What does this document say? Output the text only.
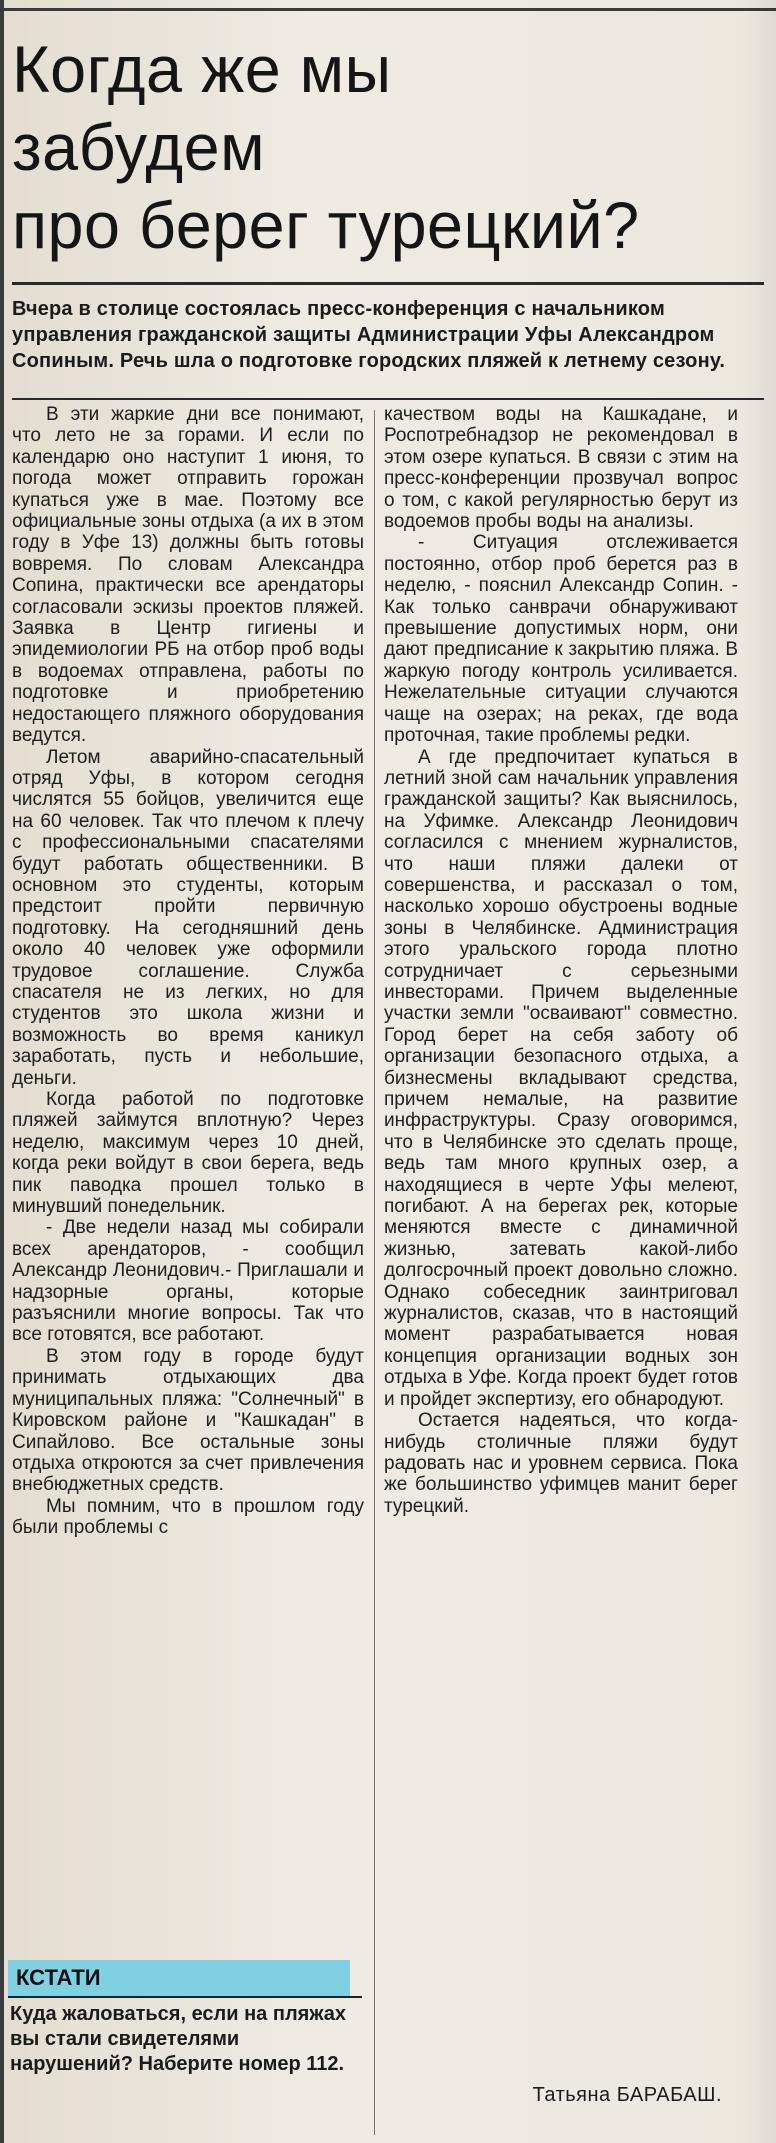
Когда же мы
забудем
про берег турецкий?
Вчера в столице состоялась пресс-конференция с начальником управления гражданской защиты Администрации Уфы Александром Сопиным. Речь шла о подготовке городских пляжей к летнему сезону.

В эти жаркие дни все понимают, что лето не за горами. И если по календарю оно наступит 1 июня, то погода может отправить горожан купаться уже в мае. Поэтому все официальные зоны отдыха (а их в этом году в Уфе 13) должны быть готовы вовремя. По словам Александра Сопина, практически все арендаторы согласовали эскизы проектов пляжей. Заявка в Центр гигиены и эпидемиологии РБ на отбор проб воды в водоемах отправлена, работы по подготовке и приобретению недостающего пляжного оборудования ведутся.

Летом аварийно-спасательный отряд Уфы, в котором сегодня числятся 55 бойцов, увеличится еще на 60 человек. Так что плечом к плечу с профессиональными спасателями будут работать общественники. В основном это студенты, которым предстоит пройти первичную подготовку. На сегодняшний день около 40 человек уже оформили трудовое соглашение. Служба спасателя не из легких, но для студентов это школа жизни и возможность во время каникул заработать, пусть и небольшие, деньги.

Когда работой по подготовке пляжей займутся вплотную? Через неделю, максимум через 10 дней, когда реки войдут в свои берега, ведь пик паводка прошел только в минувший понедельник.

- Две недели назад мы собирали всех арендаторов, - сообщил Александр Леонидович.- Приглашали и надзорные органы, которые разъяснили многие вопросы. Так что все готовятся, все работают.

В этом году в городе будут принимать отдыхающих два муниципальных пляжа: "Солнечный" в Кировском районе и "Кашкадан" в Сипайлово. Все остальные зоны отдыха откроются за счет привлечения внебюджетных средств.

Мы помним, что в прошлом году были проблемы с

качеством воды на Кашкадане, и Роспотребнадзор не рекомендовал в этом озере купаться. В связи с этим на пресс-конференции прозвучал вопрос о том, с какой регулярностью берут из водоемов пробы воды на анализы.

- Ситуация отслеживается постоянно, отбор проб берется раз в неделю, - пояснил Александр Сопин. - Как только санврачи обнаруживают превышение допустимых норм, они дают предписание к закрытию пляжа. В жаркую погоду контроль усиливается. Нежелательные ситуации случаются чаще на озерах; на реках, где вода проточная, такие проблемы редки.

А где предпочитает купаться в летний зной сам начальник управления гражданской защиты? Как выяснилось, на Уфимке. Александр Леонидович согласился с мнением журналистов, что наши пляжи далеки от совершенства, и рассказал о том, насколько хорошо обустроены водные зоны в Челябинске. Администрация этого уральского города плотно сотрудничает с серьезными инвесторами. Причем выделенные участки земли "осваивают" совместно. Город берет на себя заботу об организации безопасного отдыха, а бизнесмены вкладывают средства, причем немалые, на развитие инфраструктуры. Сразу оговоримся, что в Челябинске это сделать проще, ведь там много крупных озер, а находящиеся в черте Уфы мелеют, погибают. А на берегах рек, которые меняются вместе с динамичной жизнью, затевать какой-либо долгосрочный проект довольно сложно. Однако собеседник заинтриговал журналистов, сказав, что в настоящий момент разрабатывается новая концепция организации водных зон отдыха в Уфе. Когда проект будет готов и пройдет экспертизу, его обнародуют.

Остается надеяться, что когда-нибудь столичные пляжи будут радовать нас и уровнем сервиса. Пока же большинство уфимцев манит берег турецкий.

КСТАТИ
Куда жаловаться, если на пляжах вы стали свидетелями нарушений? Наберите номер 112.
Татьяна БАРАБАШ.
